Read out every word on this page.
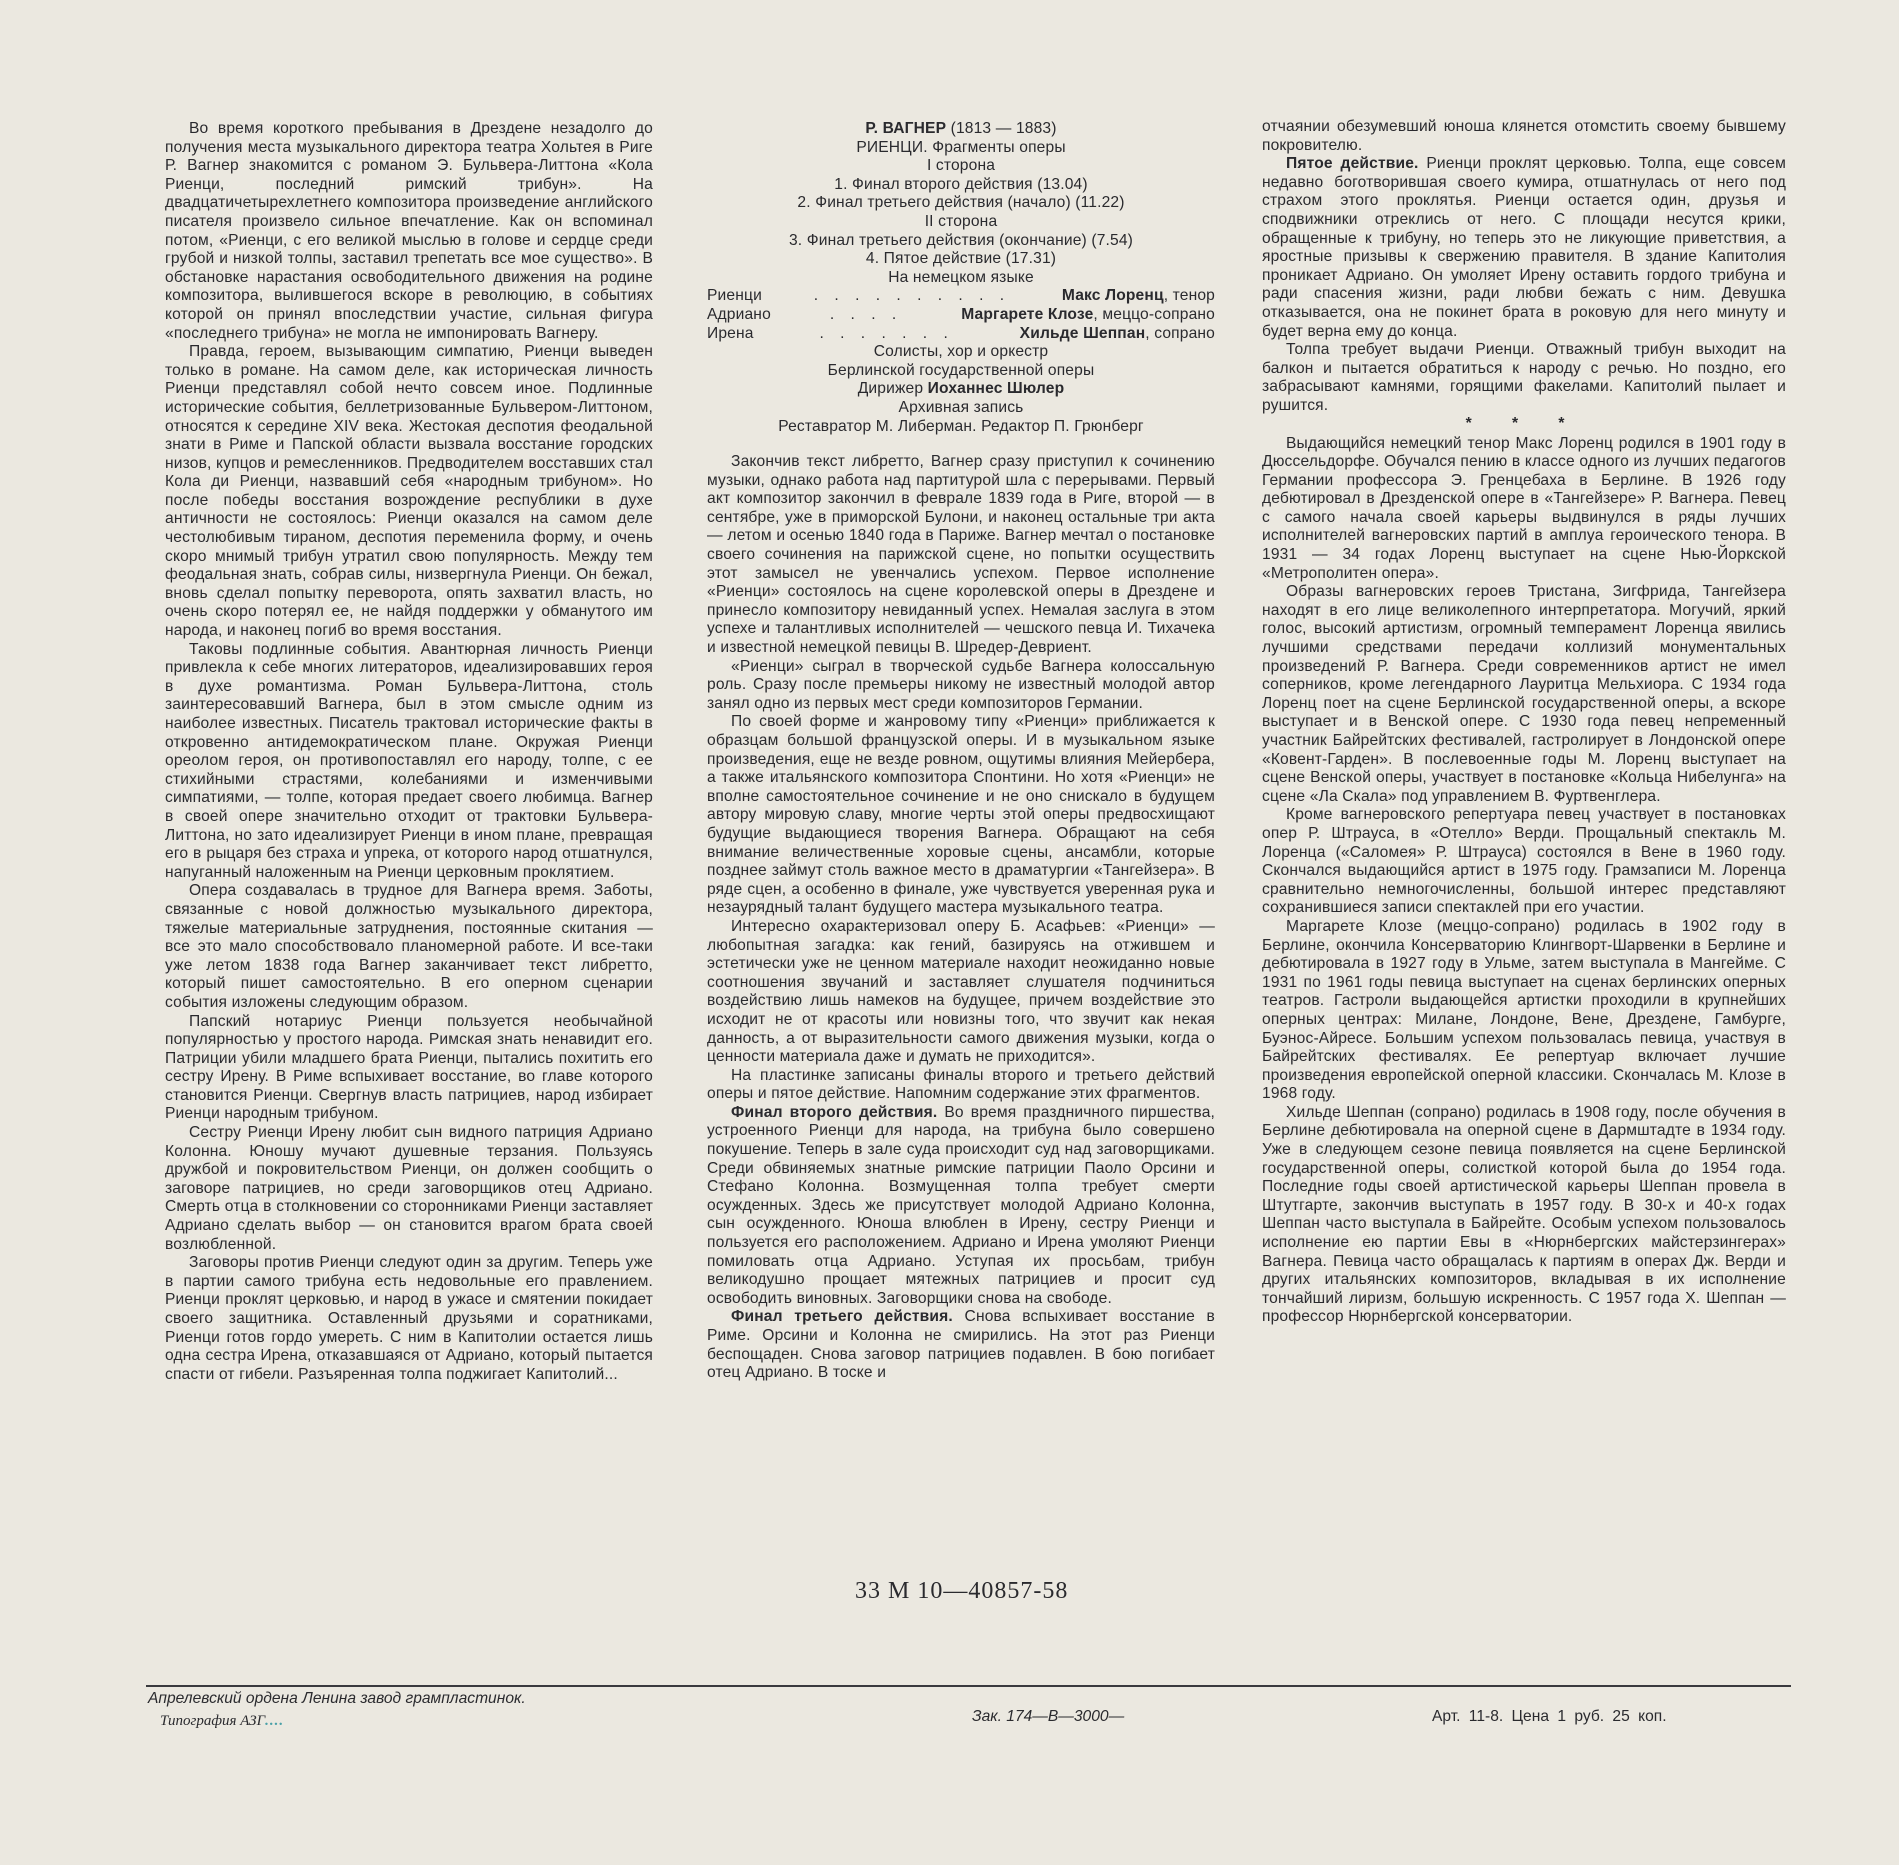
Во время короткого пребывания в Дрездене незадолго до получения места музыкального директора театра Хольтея в Риге Р. Вагнер знакомится с романом Э. Бульвера-Литтона «Кола Риенци, последний римский трибун». На двадцатичетырехлетнего композитора произведение английского писателя произвело сильное впечатление. Как он вспоминал потом, «Риенци, с его великой мыслью в голове и сердце среди грубой и низкой толпы, заставил трепетать все мое существо». В обстановке нарастания освободительного движения на родине композитора, вылившегося вскоре в революцию, в событиях которой он принял впоследствии участие, сильная фигура «последнего трибуна» не могла не импонировать Вагнеру.

Правда, героем, вызывающим симпатию, Риенци выведен только в романе. На самом деле, как историческая личность Риенци представлял собой нечто совсем иное. Подлинные исторические события, беллетризованные Бульвером-Литтоном, относятся к середине XIV века. Жестокая деспотия феодальной знати в Риме и Папской области вызвала восстание городских низов, купцов и ремесленников. Предводителем восставших стал Кола ди Риенци, назвавший себя «народным трибуном». Но после победы восстания возрождение республики в духе античности не состоялось: Риенци оказался на самом деле честолюбивым тираном, деспотия переменила форму, и очень скоро мнимый трибун утратил свою популярность. Между тем феодальная знать, собрав силы, низвергнула Риенци. Он бежал, вновь сделал попытку переворота, опять захватил власть, но очень скоро потерял ее, не найдя поддержки у обманутого им народа, и наконец погиб во время восстания.

Таковы подлинные события. Авантюрная личность Риенци привлекла к себе многих литераторов, идеализировавших героя в духе романтизма. Роман Бульвера-Литтона, столь заинтересовавший Вагнера, был в этом смысле одним из наиболее известных. Писатель трактовал исторические факты в откровенно антидемократическом плане. Окружая Риенци ореолом героя, он противопоставлял его народу, толпе, с ее стихийными страстями, колебаниями и изменчивыми симпатиями, — толпе, которая предает своего любимца. Вагнер в своей опере значительно отходит от трактовки Бульвера-Литтона, но зато идеализирует Риенци в ином плане, превращая его в рыцаря без страха и упрека, от которого народ отшатнулся, напуганный наложенным на Риенци церковным проклятием.

Опера создавалась в трудное для Вагнера время. Заботы, связанные с новой должностью музыкального директора, тяжелые материальные затруднения, постоянные скитания — все это мало способствовало планомерной работе. И все-таки уже летом 1838 года Вагнер заканчивает текст либретто, который пишет самостоятельно. В его оперном сценарии события изложены следующим образом.

Папский нотариус Риенци пользуется необычайной популярностью у простого народа. Римская знать ненавидит его. Патриции убили младшего брата Риенци, пытались похитить его сестру Ирену. В Риме вспыхивает восстание, во главе которого становится Риенци. Свергнув власть патрициев, народ избирает Риенци народным трибуном.

Сестру Риенци Ирену любит сын видного патриция Адриано Колонна. Юношу мучают душевные терзания. Пользуясь дружбой и покровительством Риенци, он должен сообщить о заговоре патрициев, но среди заговорщиков отец Адриано. Смерть отца в столкновении со сторонниками Риенци заставляет Адриано сделать выбор — он становится врагом брата своей возлюбленной.

Заговоры против Риенци следуют один за другим. Теперь уже в партии самого трибуна есть недовольные его правлением. Риенци проклят церковью, и народ в ужасе и смятении покидает своего защитника. Оставленный друзьями и соратниками, Риенци готов гордо умереть. С ним в Капитолии остается лишь одна сестра Ирена, отказавшаяся от Адриано, который пытается спасти от гибели. Разъяренная толпа поджигает Капитолий...

Р. ВАГНЕР (1813 — 1883)
РИЕНЦИ. Фрагменты оперы
I сторона
1. Финал второго действия (13.04)
2. Финал третьего действия (начало) (11.22)
II сторона
3. Финал третьего действия (окончание) (7.54)
4. Пятое действие (17.31)
На немецком языке
Риенци	. . . . . . . . . .	Макс Лоренц, тенор
Адриано	. . . .	Маргарете Клозе, меццо-сопрано
Ирена	. . . . . . .	Хильде Шеппан, сопрано
Солисты, хор и оркестр
Берлинской государственной оперы
Дирижер Иоханнес Шюлер
Архивная запись
Реставратор М. Либерман. Редактор П. Грюнберг

Закончив текст либретто, Вагнер сразу приступил к сочинению музыки, однако работа над партитурой шла с перерывами. Первый акт композитор закончил в феврале 1839 года в Риге, второй — в сентябре, уже в приморской Булони, и наконец остальные три акта — летом и осенью 1840 года в Париже. Вагнер мечтал о постановке своего сочинения на парижской сцене, но попытки осуществить этот замысел не увенчались успехом. Первое исполнение «Риенци» состоялось на сцене королевской оперы в Дрездене и принесло композитору невиданный успех. Немалая заслуга в этом успехе и талантливых исполнителей — чешского певца И. Тихачека и известной немецкой певицы В. Шредер-Девриент.

«Риенци» сыграл в творческой судьбе Вагнера колоссальную роль. Сразу после премьеры никому не известный молодой автор занял одно из первых мест среди композиторов Германии.

По своей форме и жанровому типу «Риенци» приближается к образцам большой французской оперы. И в музыкальном языке произведения, еще не везде ровном, ощутимы влияния Мейербера, а также итальянского композитора Спонтини. Но хотя «Риенци» не вполне самостоятельное сочинение и не оно снискало в будущем автору мировую славу, многие черты этой оперы предвосхищают будущие выдающиеся творения Вагнера. Обращают на себя внимание величественные хоровые сцены, ансамбли, которые позднее займут столь важное место в драматургии «Тангейзера». В ряде сцен, а особенно в финале, уже чувствуется уверенная рука и незаурядный талант будущего мастера музыкального театра.

Интересно охарактеризовал оперу Б. Асафьев: «Риенци» — любопытная загадка: как гений, базируясь на отжившем и эстетически уже не ценном материале находит неожиданно новые соотношения звучаний и заставляет слушателя подчиниться воздействию лишь намеков на будущее, причем воздействие это исходит не от красоты или новизны того, что звучит как некая данность, а от выразительности самого движения музыки, когда о ценности материала даже и думать не приходится».

На пластинке записаны финалы второго и третьего действий оперы и пятое действие. Напомним содержание этих фрагментов.

Финал второго действия. Во время праздничного пиршества, устроенного Риенци для народа, на трибуна было совершено покушение. Теперь в зале суда происходит суд над заговорщиками. Среди обвиняемых знатные римские патриции Паоло Орсини и Стефано Колонна. Возмущенная толпа требует смерти осужденных. Здесь же присутствует молодой Адриано Колонна, сын осужденного. Юноша влюблен в Ирену, сестру Риенци и пользуется его расположением. Адриано и Ирена умоляют Риенци помиловать отца Адриано. Уступая их просьбам, трибун великодушно прощает мятежных патрициев и просит суд освободить виновных. Заговорщики снова на свободе.

Финал третьего действия. Снова вспыхивает восстание в Риме. Орсини и Колонна не смирились. На этот раз Риенци беспощаден. Снова заговор патрициев подавлен. В бою погибает отец Адриано. В тоске и

отчаянии обезумевший юноша клянется отомстить своему бывшему покровителю.

Пятое действие. Риенци проклят церковью. Толпа, еще совсем недавно боготворившая своего кумира, отшатнулась от него под страхом этого проклятья. Риенци остается один, друзья и сподвижники отреклись от него. С площади несутся крики, обращенные к трибуну, но теперь это не ликующие приветствия, а яростные призывы к свержению правителя. В здание Капитолия проникает Адриано. Он умоляет Ирену оставить гордого трибуна и ради спасения жизни, ради любви бежать с ним. Девушка отказывается, она не покинет брата в роковую для него минуту и будет верна ему до конца.

Толпа требует выдачи Риенци. Отважный трибун выходит на балкон и пытается обратиться к народу с речью. Но поздно, его забрасывают камнями, горящими факелами. Капитолий пылает и рушится.

* * *

Выдающийся немецкий тенор Макс Лоренц родился в 1901 году в Дюссельдорфе. Обучался пению в классе одного из лучших педагогов Германии профессора Э. Гренцебаха в Берлине. В 1926 году дебютировал в Дрезденской опере в «Тангейзере» Р. Вагнера. Певец с самого начала своей карьеры выдвинулся в ряды лучших исполнителей вагнеровских партий в амплуа героического тенора. В 1931 — 34 годах Лоренц выступает на сцене Нью-Йоркской «Метрополитен опера».

Образы вагнеровских героев Тристана, Зигфрида, Тангейзера находят в его лице великолепного интерпретатора. Могучий, яркий голос, высокий артистизм, огромный темперамент Лоренца явились лучшими средствами передачи коллизий монументальных произведений Р. Вагнера. Среди современников артист не имел соперников, кроме легендарного Лауритца Мельхиора. С 1934 года Лоренц поет на сцене Берлинской государственной оперы, а вскоре выступает и в Венской опере. С 1930 года певец непременный участник Байрейтских фестивалей, гастролирует в Лондонской опере «Ковент-Гарден». В послевоенные годы М. Лоренц выступает на сцене Венской оперы, участвует в постановке «Кольца Нибелунга» на сцене «Ла Скала» под управлением В. Фуртвенглера.

Кроме вагнеровского репертуара певец участвует в постановках опер Р. Штрауса, в «Отелло» Верди. Прощальный спектакль М. Лоренца («Саломея» Р. Штрауса) состоялся в Вене в 1960 году. Скончался выдающийся артист в 1975 году. Грамзаписи М. Лоренца сравнительно немногочисленны, большой интерес представляют сохранившиеся записи спектаклей при его участии.

Маргарете Клозе (меццо-сопрано) родилась в 1902 году в Берлине, окончила Консерваторию Клингворт-Шарвенки в Берлине и дебютировала в 1927 году в Ульме, затем выступала в Мангейме. С 1931 по 1961 годы певица выступает на сценах берлинских оперных театров. Гастроли выдающейся артистки проходили в крупнейших оперных центрах: Милане, Лондоне, Вене, Дрездене, Гамбурге, Буэнос-Айресе. Большим успехом пользовалась певица, участвуя в Байрейтских фестивалях. Ее репертуар включает лучшие произведения европейской оперной классики. Скончалась М. Клозе в 1968 году.

Хильде Шеппан (сопрано) родилась в 1908 году, после обучения в Берлине дебютировала на оперной сцене в Дармштадте в 1934 году. Уже в следующем сезоне певица появляется на сцене Берлинской государственной оперы, солисткой которой была до 1954 года. Последние годы своей артистической карьеры Шеппан провела в Штутгарте, закончив выступать в 1957 году. В 30-х и 40-х годах Шеппан часто выступала в Байрейте. Особым успехом пользовалось исполнение ею партии Евы в «Нюрнбергских майстерзингерах» Вагнера. Певица часто обращалась к партиям в операх Дж. Верди и других итальянских композиторов, вкладывая в их исполнение тончайший лиризм, большую искренность. С 1957 года Х. Шеппан — профессор Нюрнбергской консерватории.

33 М 10—40857-58
Апрелевский ордена Ленина завод грампластинок.
Типография АЗГ....	Зак. 174—В—3000—	Арт. 11-8. Цена 1 руб. 25 коп.
